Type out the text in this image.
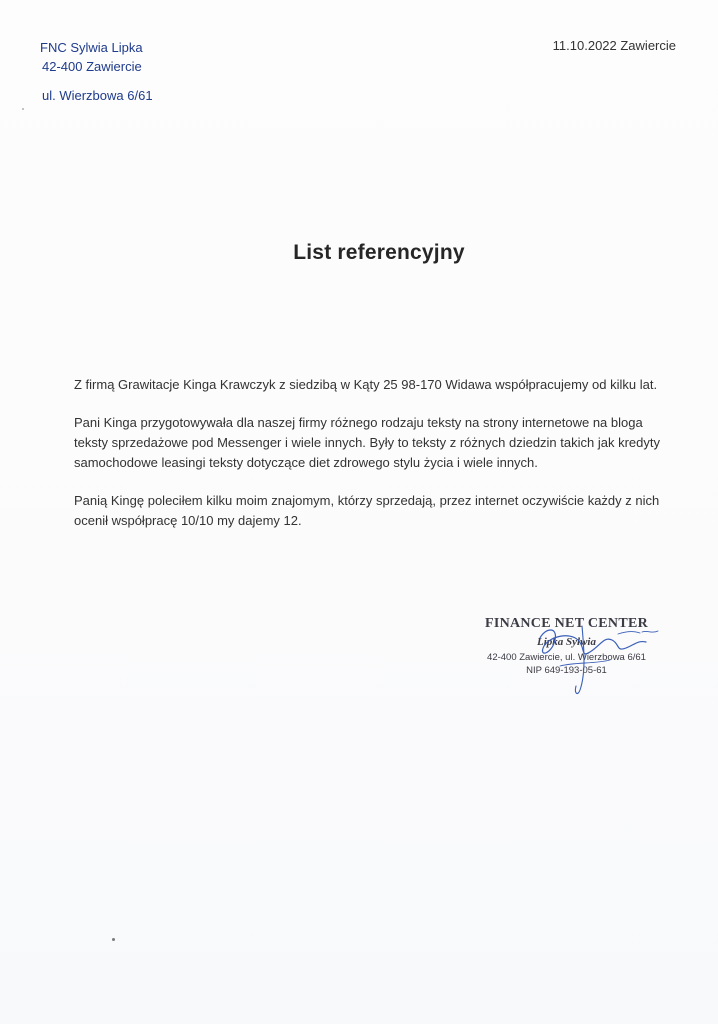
FNC Sylwia Lipka
42-400 Zawiercie
ul. Wierzbowa 6/61
11.10.2022 Zawiercie
List referencyjny

Z firmą Grawitacje Kinga Krawczyk z siedzibą w Kąty 25 98-170 Widawa współpracujemy od kilku lat.

Pani Kinga przygotowywała dla naszej firmy różnego rodzaju teksty na strony internetowe na bloga teksty sprzedażowe pod Messenger i wiele innych. Były to teksty z różnych dziedzin takich jak kredyty samochodowe leasingi teksty dotyczące diet zdrowego stylu życia i wiele innych.

Panią Kingę poleciłem kilku moim znajomym, którzy sprzedają, przez internet oczywiście każdy z nich ocenił współpracę 10/10 my dajemy 12.

FINANCE NET CENTER
Lipka Sylwia
42-400 Zawiercie, ul. Wierzbowa 6/61
NIP 649-193-05-61
